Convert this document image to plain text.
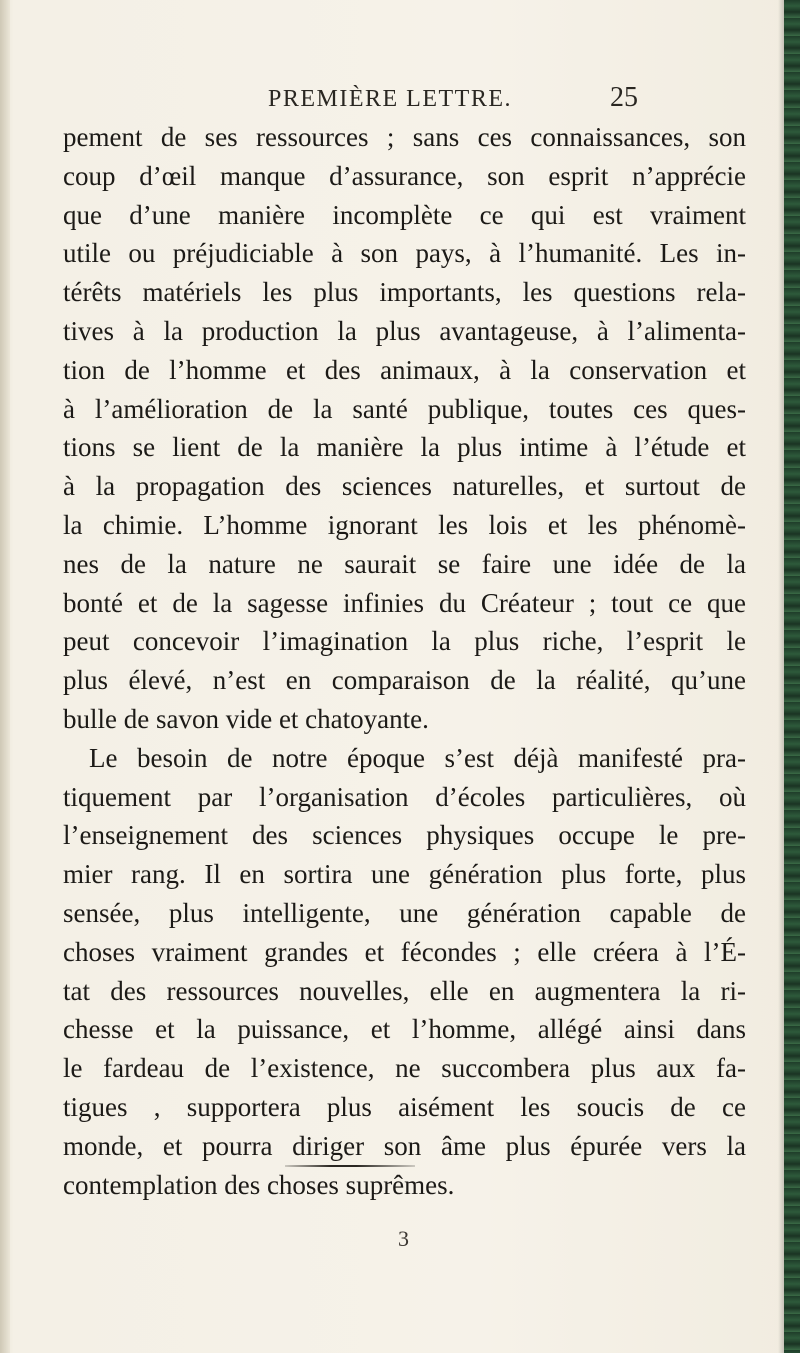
PREMIÈRE LETTRE.	25
pement de ses ressources ; sans ces connaissances, son
coup d’œil manque d’assurance, son esprit n’apprécie
que d’une manière incomplète ce qui est vraiment
utile ou préjudiciable à son pays, à l’humanité. Les in-
térêts matériels les plus importants, les questions rela-
tives à la production la plus avantageuse, à l’alimenta-
tion de l’homme et des animaux, à la conservation et
à l’amélioration de la santé publique, toutes ces ques-
tions se lient de la manière la plus intime à l’étude et
à la propagation des sciences naturelles, et surtout de
la chimie. L’homme ignorant les lois et les phénomè-
nes de la nature ne saurait se faire une idée de la
bonté et de la sagesse infinies du Créateur ; tout ce que
peut concevoir l’imagination la plus riche, l’esprit le
plus élevé, n’est en comparaison de la réalité, qu’une
bulle de savon vide et chatoyante.
Le besoin de notre époque s’est déjà manifesté pra-
tiquement par l’organisation d’écoles particulières, où
l’enseignement des sciences physiques occupe le pre-
mier rang. Il en sortira une génération plus forte, plus
sensée, plus intelligente, une génération capable de
choses vraiment grandes et fécondes ; elle créera à l’É-
tat des ressources nouvelles, elle en augmentera la ri-
chesse et la puissance, et l’homme, allégé ainsi dans
le fardeau de l’existence, ne succombera plus aux fa-
tigues , supportera plus aisément les soucis de ce
monde, et pourra diriger son âme plus épurée vers la
contemplation des choses suprêmes.
3
